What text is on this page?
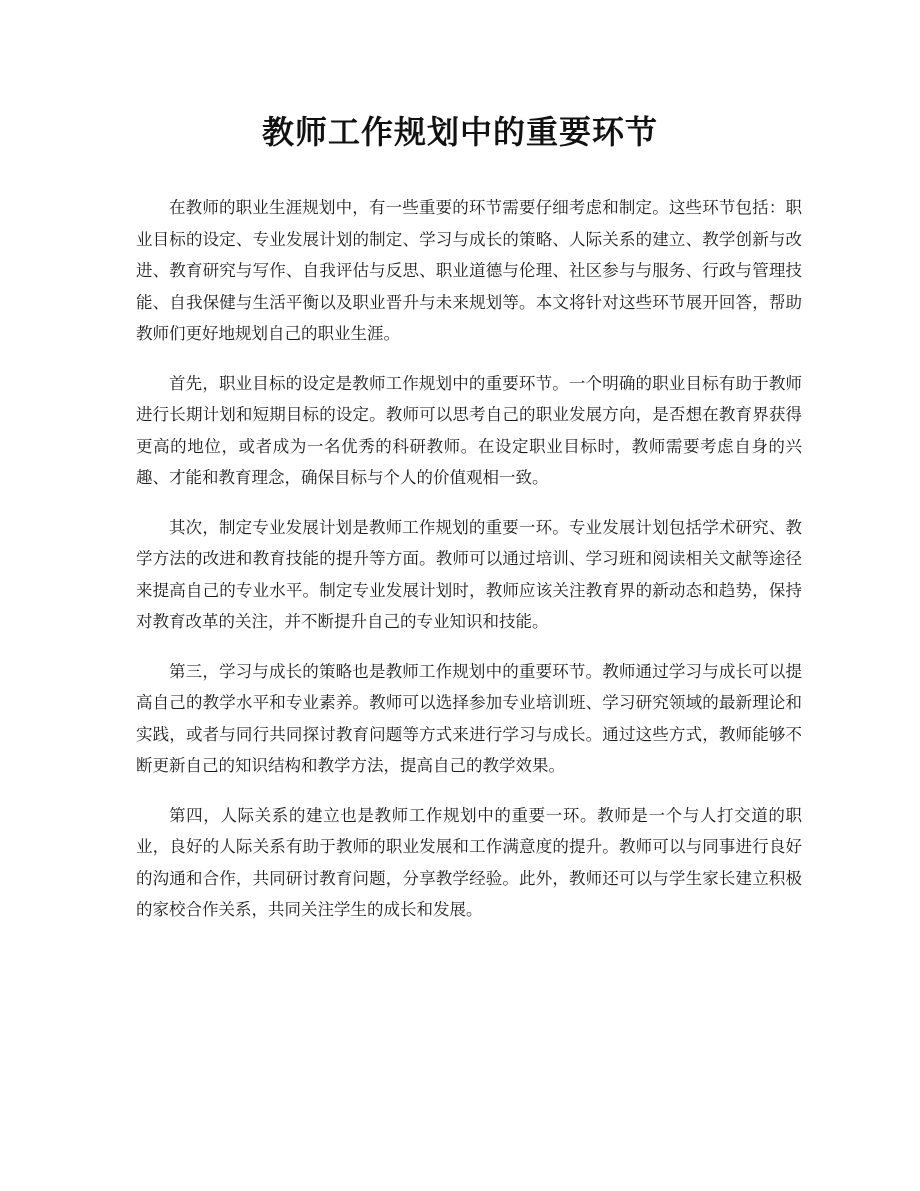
教师工作规划中的重要环节

在教师的职业生涯规划中，有一些重要的环节需要仔细考虑和制定。这些环节包括：职业目标的设定、专业发展计划的制定、学习与成长的策略、人际关系的建立、教学创新与改进、教育研究与写作、自我评估与反思、职业道德与伦理、社区参与与服务、行政与管理技能、自我保健与生活平衡以及职业晋升与未来规划等。本文将针对这些环节展开回答，帮助教师们更好地规划自己的职业生涯。

首先，职业目标的设定是教师工作规划中的重要环节。一个明确的职业目标有助于教师进行长期计划和短期目标的设定。教师可以思考自己的职业发展方向，是否想在教育界获得更高的地位，或者成为一名优秀的科研教师。在设定职业目标时，教师需要考虑自身的兴趣、才能和教育理念，确保目标与个人的价值观相一致。

其次，制定专业发展计划是教师工作规划的重要一环。专业发展计划包括学术研究、教学方法的改进和教育技能的提升等方面。教师可以通过培训、学习班和阅读相关文献等途径来提高自己的专业水平。制定专业发展计划时，教师应该关注教育界的新动态和趋势，保持对教育改革的关注，并不断提升自己的专业知识和技能。

第三，学习与成长的策略也是教师工作规划中的重要环节。教师通过学习与成长可以提高自己的教学水平和专业素养。教师可以选择参加专业培训班、学习研究领域的最新理论和实践，或者与同行共同探讨教育问题等方式来进行学习与成长。通过这些方式，教师能够不断更新自己的知识结构和教学方法，提高自己的教学效果。

第四，人际关系的建立也是教师工作规划中的重要一环。教师是一个与人打交道的职业，良好的人际关系有助于教师的职业发展和工作满意度的提升。教师可以与同事进行良好的沟通和合作，共同研讨教育问题，分享教学经验。此外，教师还可以与学生家长建立积极的家校合作关系，共同关注学生的成长和发展。
